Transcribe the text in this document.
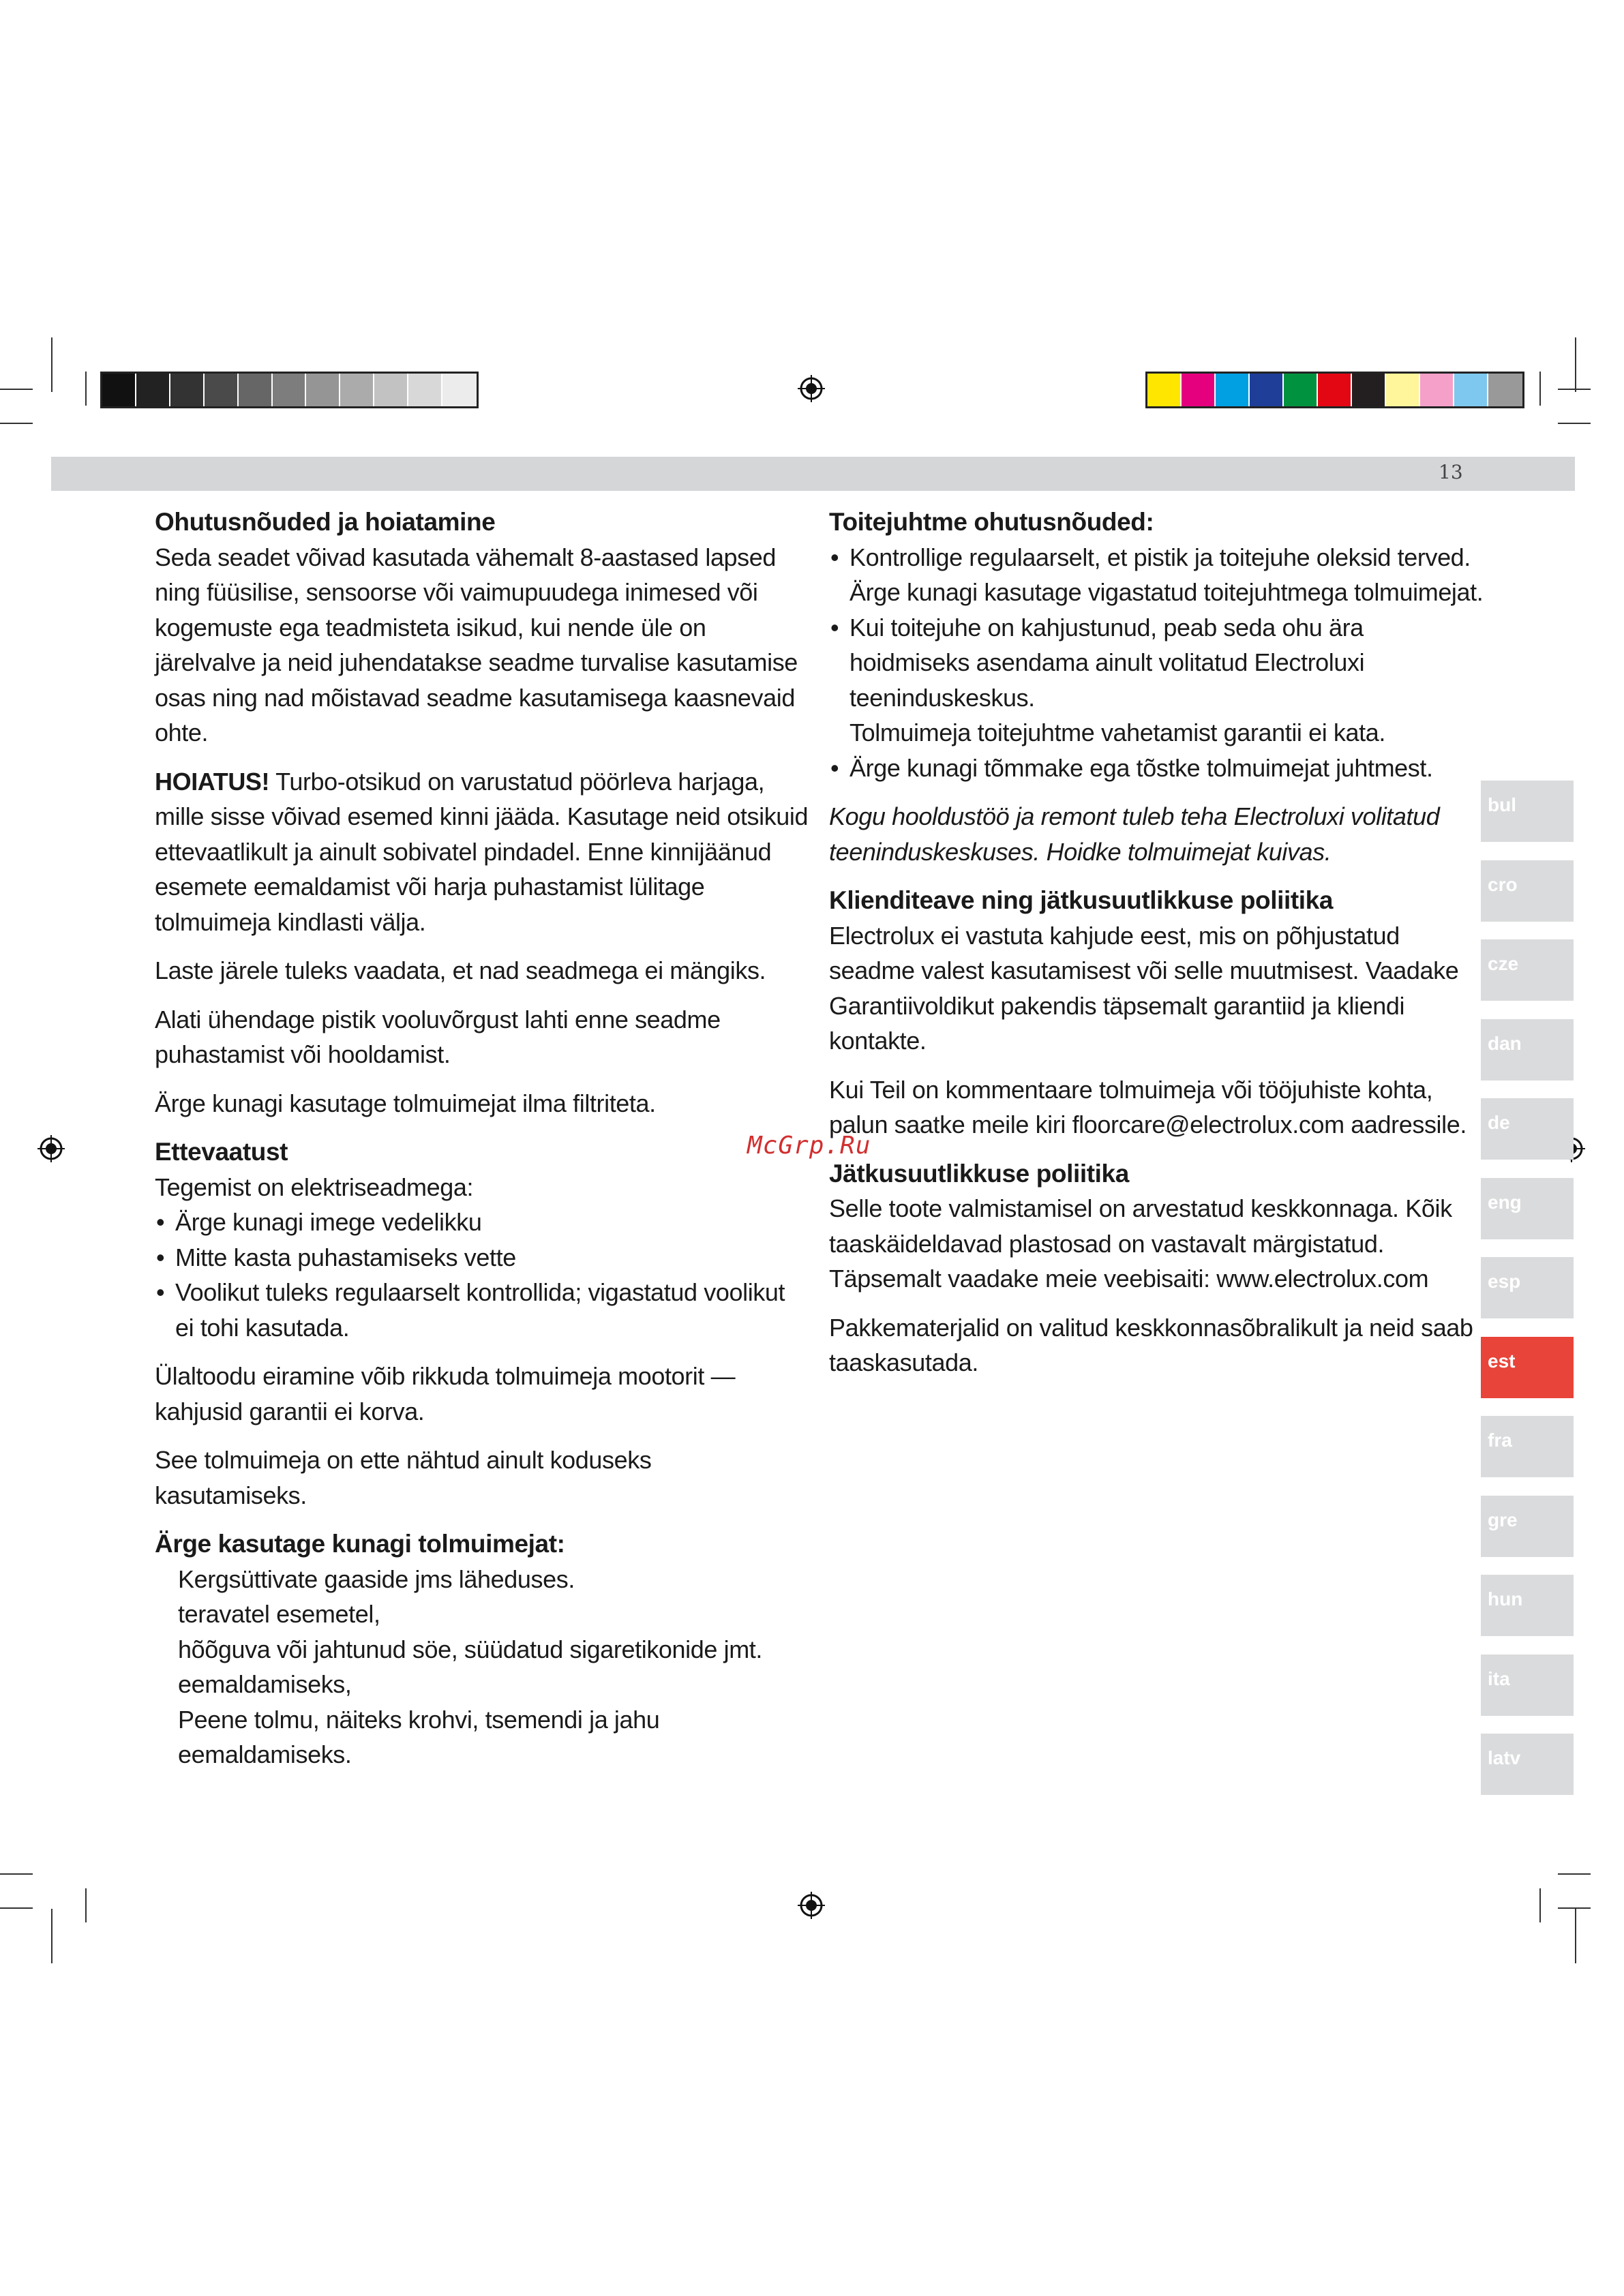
13
Ohutusnõuded ja hoiatamine
Seda seadet võivad kasutada vähemalt 8-aastased lapsed ning füüsilise, sensoorse või vaimupuudega inimesed või kogemuste ega teadmisteta isikud, kui nende üle on järelvalve ja neid juhendatakse seadme turvalise kasutamise osas ning nad mõistavad seadme kasutamisega kaasnevaid ohte.

HOIATUS! Turbo-otsikud on varustatud pöörleva harjaga, mille sisse võivad esemed kinni jääda. Kasutage neid otsikuid ettevaatlikult ja ainult sobivatel pindadel. Enne kinnijäänud esemete eemaldamist või harja puhastamist lülitage tolmuimeja kindlasti välja.

Laste järele tuleks vaadata, et nad seadmega ei mängiks.

Alati ühendage pistik vooluvõrgust lahti enne seadme puhastamist või hooldamist.

Ärge kunagi kasutage tolmuimejat ilma filtriteta.

Ettevaatust
Tegemist on elektriseadmega:
• Ärge kunagi imege vedelikku
• Mitte kasta puhastamiseks vette
• Voolikut tuleks regulaarselt kontrollida; vigastatud voolikut ei tohi kasutada.

Ülaltoodu eiramine võib rikkuda tolmuimeja mootorit — kahjusid garantii ei korva.

See tolmuimeja on ette nähtud ainult koduseks kasutamiseks.

Ärge kasutage kunagi tolmuimejat:
Kergsüttivate gaaside jms läheduses.
teravatel esemetel,
hõõguva või jahtunud söe, süüdatud sigaretikonide jmt. eemaldamiseks,
Peene tolmu, näiteks krohvi, tsemendi ja jahu eemaldamiseks.
Toitejuhtme ohutusnõuded:
• Kontrollige regulaarselt, et pistik ja toitejuhe oleksid terved.
Ärge kunagi kasutage vigastatud toitejuhtmega tolmuimejat.
• Kui toitejuhe on kahjustunud, peab seda ohu ära hoidmiseks asendama ainult volitatud Electroluxi teeninduskeskus.
Tolmuimeja toitejuhtme vahetamist garantii ei kata.
• Ärge kunagi tõmmake ega tõstke tolmuimejat juhtmest.

Kogu hooldustöö ja remont tuleb teha Electroluxi volitatud teeninduskeskuses. Hoidke tolmuimejat kuivas.

Klienditeave ning jätkusuutlikkuse poliitika
Electrolux ei vastuta kahjude eest, mis on põhjustatud seadme valest kasutamisest või selle muutmisest. Vaadake Garantiivoldikut pakendis täpsemalt garantiid ja kliendi kontakte.

Kui Teil on kommentaare tolmuimeja või tööjuhiste kohta, palun saatke meile kiri floorcare@electrolux.com aadressile.

Jätkusuutlikkuse poliitika
Selle toote valmistamisel on arvestatud keskkonnaga. Kõik taaskäideldavad plastosad on vastavalt märgistatud. Täpsemalt vaadake meie veebisaiti: www.electrolux.com

Pakkematerjalid on valitud keskkonnasõbralikult ja neid saab taaskasutada.

McGrp.Ru
bul
cro
cze
dan
de
eng
esp
est
fra
gre
hun
ita
latv
